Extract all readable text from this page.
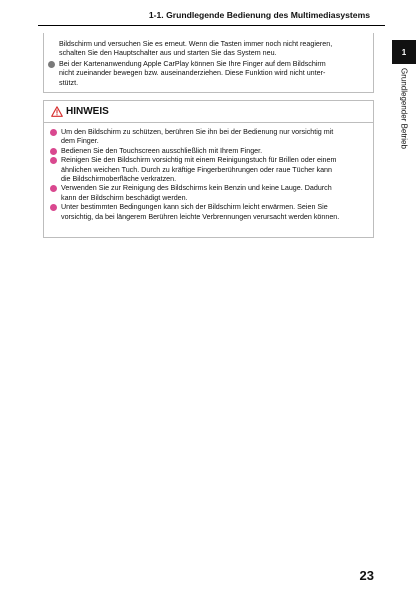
1-1. Grundlegende Bedienung des Multimediasystems
1
Grundlegender Betrieb

Bildschirm und versuchen Sie es erneut. Wenn die Tasten immer noch nicht reagieren,

schalten Sie den Hauptschalter aus und starten Sie das System neu.

Bei der Kartenanwendung Apple CarPlay können Sie Ihre Finger auf dem Bildschirm
nicht zueinander bewegen bzw. auseinanderziehen. Diese Funktion wird nicht unter-
stützt.
HINWEIS
Um den Bildschirm zu schützen, berühren Sie ihn bei der Bedienung nur vorsichtig mit
dem Finger.
Bedienen Sie den Touchscreen ausschließlich mit Ihrem Finger.
Reinigen Sie den Bildschirm vorsichtig mit einem Reinigungstuch für Brillen oder einem
ähnlichen weichen Tuch. Durch zu kräftige Fingerberührungen oder raue Tücher kann
die Bildschirmoberfläche verkratzen.
Verwenden Sie zur Reinigung des Bildschirms kein Benzin und keine Lauge. Dadurch
kann der Bildschirm beschädigt werden.
Unter bestimmten Bedingungen kann sich der Bildschirm leicht erwärmen. Seien Sie
vorsichtig, da bei längerem Berühren leichte Verbrennungen verursacht werden können.
23
